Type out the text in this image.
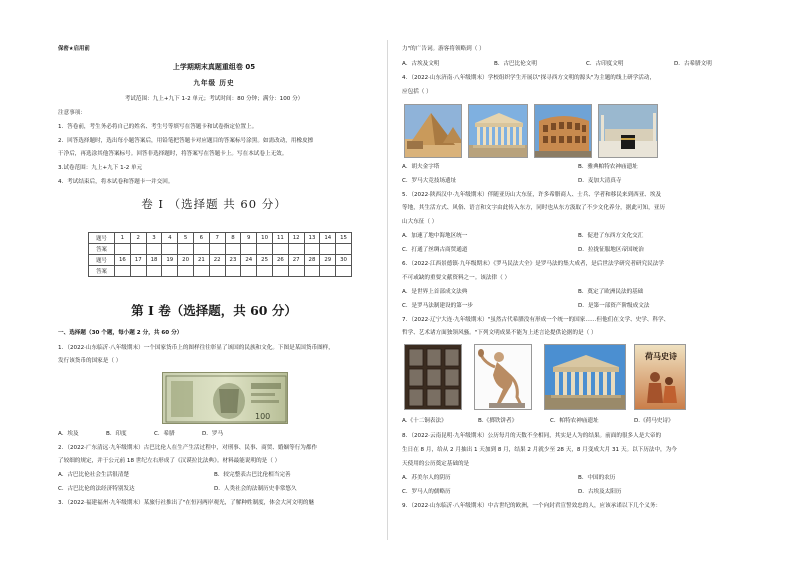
保密★启用前
上学期期末真题重组卷 05
九年级 历史
考试范围：九上+九下 1-2 单元；考试时间：80 分钟；满分：100 分）
注意事项：
1．答卷前，考生务必将自己的姓名、考生号等填写在答题卡和试卷指定位置上。
2．回答选择题时，选出每小题答案后，用铅笔把答题卡对应题目的答案标号涂黑。如需改动，用橡皮擦
干净后，再选涂其他答案标号。回答非选择题时，将答案写在答题卡上。写在本试卷上无效。
3.试卷范围：九上+九下 1-2 单元
4．考试结束后，将本试卷和答题卡一并交回。
卷 I （选择题 共 60 分）
题号	1	2	3	4	5	6	7	8	9	10	11	12	13	14	15
答案															
题号	16	17	18	19	20	21	22	23	24	25	26	27	28	29	30
答案															
第 I 卷（选择题，共 60 分）
一、选择题（30 个题，每小题 2 分，共 60 分）
1．（2022·山东临沂·八年级期末）一个国家货币上的图样往往彰显了该国的民族和文化。下图是某国货币图样，
发行该货币的国家是（ ）
100
A．埃及	B．印度	C．希腊	D．罗马
2．（2022·广东清远·九年级期末）古巴比伦人在生产生活过程中，对刑事、民事、商贸、婚姻等行为都作
了较细的规定，并于公元前 18 世纪左右形成了《汉谟拉比法典》。材料最能说明的是（ ）
A．古巴比伦社会生活很清楚	B．较完整表古巴比伦相当完善
C．古巴比伦的法经济特别发达	D．人类社会的法制历史非常悠久
3．（2022·福建福州·九年级期末）某旅行社推出了"在恒河两岸观光，了解种姓制度，体会大河文明的魅
力"的广告词。游客将领略到（ ）
A．古埃及文明	B．古巴比伦文明	C．古印度文明	D．古希腊文明
4．（2022·山东济南·八年级期末）学校组织学生开展以"探寻西方文明的源头"为主题的线上研学活动，
应包括（ ）
A．胡夫金字塔	B．雅典帕特农神庙遗址
C．罗马大竞技场遗址	D．麦加大清真寺
5．（2022·陕西汉中·九年级期末）伴随亚历山大东征，许多希腊商人、士兵、学者和移民来到西亚、埃及
等地，其生活方式、风俗、语言和文字由此传入东方，同时也从东方汲取了不少文化养分，据此可知，亚历
山大东征（ ）
A．加速了地中海地区统一	B．促进了东西方文化交汇
C．打通了丝绸古商贸通道	D．拉拢征服地区帝国统治
6．（2022·江西景德镇·九年级期末）《罗马民法大全》是罗马法的集大成者，是后世法学研究者研究民法学
不可或缺的重要文献资料之一。该法律（ ）
A．是世界上首部成文法典	B．奠定了欧洲民法的基础
C．是罗马法制建设的第一步	D．是第一部资产阶级成文法
7．（2022·辽宁大连·九年级期末）"虽然古代希腊没有形成一个统一的国家……但他们在文学、史学、科学、
哲学、艺术诸方面独领风骚。"下列文明成果不能为上述言论提供论据的是（ ）
荷马史诗
A.《十二铜表法》	B.《掷铁饼者》	C．帕特农神庙遗址	D.《荷马史诗》
8．（2022·云南昆明·九年级期末）公历每月的天数不全相同，其实是人为的结果。前面的很多人是大帝的
生日在 8 月，给从 2 月抽出 1 天加到 8 月，结果 2 月就少至 28 天，8 月变成大月 31 天。以下历法中，为今
天使用的公历奠定基础的是
A．苏美尔人的阴历	B．中国的农历
C．罗马人的儒略历	D．古埃及太阳历
9．（2022·山东临沂·八年级期末）中古世纪的欧洲，一个向封君宣誓效忠的人，应该承诺以下几个义务：
